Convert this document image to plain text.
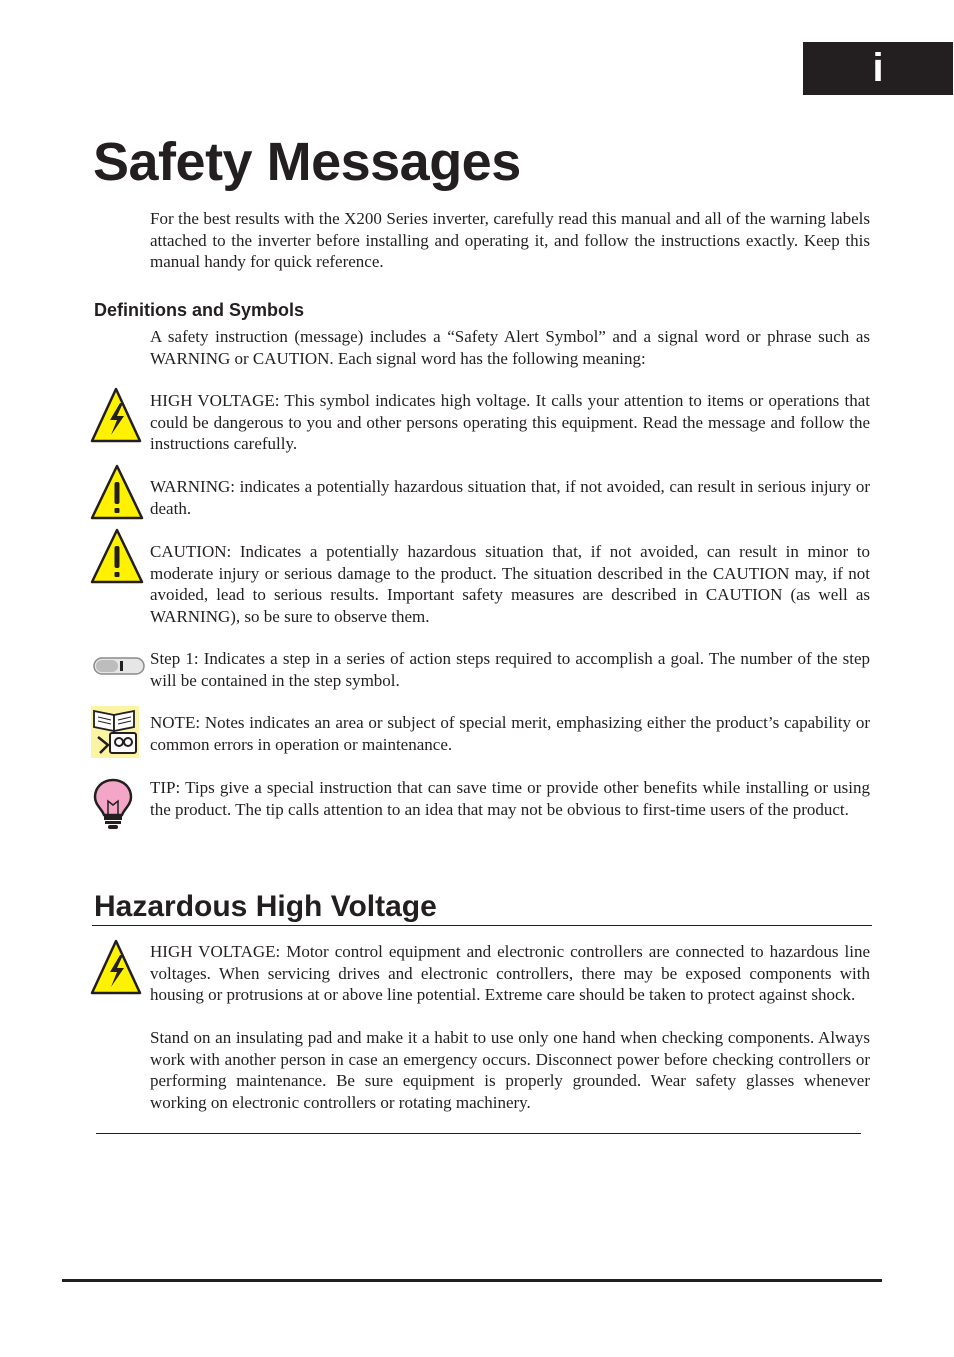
i
Safety Messages

For the best results with the X200 Series inverter, carefully read this manual and all of the warning labels attached to the inverter before installing and operating it, and follow the instructions exactly. Keep this manual handy for quick reference.

Definitions and Symbols

A safety instruction (message) includes a “Safety Alert Symbol” and a signal word or phrase such as WARNING or CAUTION. Each signal word has the following meaning:

HIGH VOLTAGE: This symbol indicates high voltage. It calls your attention to items or operations that could be dangerous to you and other persons operating this equipment. Read the message and follow the instructions carefully.

WARNING: indicates a potentially hazardous situation that, if not avoided, can result in serious injury or death.

CAUTION: Indicates a potentially hazardous situation that, if not avoided, can result in minor to moderate injury or serious damage to the product. The situation described in the CAUTION may, if not avoided, lead to serious results. Important safety measures are described in CAUTION (as well as WARNING), so be sure to observe them.

Step 1: Indicates a step in a series of action steps required to accomplish a goal. The number of the step will be contained in the step symbol.

NOTE: Notes indicates an area or subject of special merit, emphasizing either the product’s capability or common errors in operation or maintenance.

TIP: Tips give a special instruction that can save time or provide other benefits while installing or using the product. The tip calls attention to an idea that may not be obvious to first-time users of the product.

Hazardous High Voltage

HIGH VOLTAGE: Motor control equipment and electronic controllers are connected to hazardous line voltages. When servicing drives and electronic controllers, there may be exposed components with housing or protrusions at or above line potential. Extreme care should be taken to protect against shock.

Stand on an insulating pad and make it a habit to use only one hand when checking components. Always work with another person in case an emergency occurs. Disconnect power before checking controllers or performing maintenance. Be sure equipment is properly grounded. Wear safety glasses whenever working on electronic controllers or rotating machinery.
